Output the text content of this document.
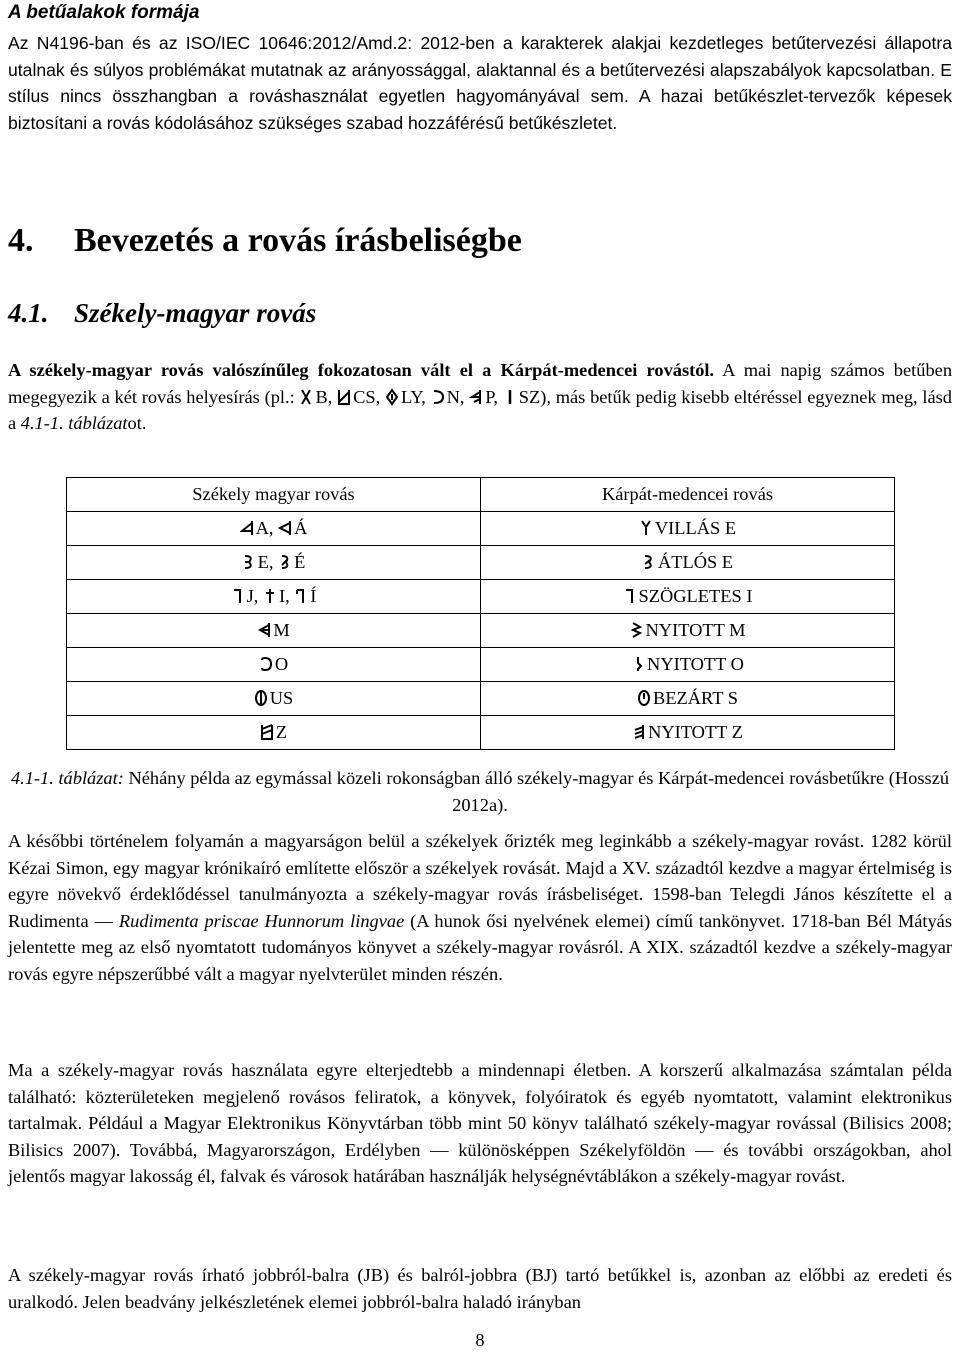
A betűalakok formája
Az N4196-ban és az ISO/IEC 10646:2012/Amd.2: 2012-ben a karakterek alakjai kezdetleges betűtervezési állapotra utalnak és súlyos problémákat mutatnak az arányossággal, alaktannal és a betűtervezési alapszabályok kapcsolatban. E stílus nincs összhangban a rováshasználat egyetlen hagyományával sem. A hazai betűkészlet-tervezők képesek biztosítani a rovás kódolásához szükséges szabad hozzáférésű betűkészletet.
4. Bevezetés a rovás írásbeliségbe
4.1. Székely-magyar rovás
A székely-magyar rovás valószínűleg fokozatosan vált el a Kárpát-medencei rovástól. A mai napig számos betűben megegyezik a két rovás helyesírás (pl.:
B,
CS,
LY,
N,
P,
SZ), más betűk pedig kisebb eltéréssel egyeznek meg, lásd a 4.1-1. táblázatot.
Székely magyar rovás	Kárpát-medencei rovás

A,
Á	VILLÁS E

E,
É	ÁTLÓS E

J,
I,
Í	SZÖGLETES I

M	NYITOTT M

O	NYITOTT O

US	BEZÁRT S

Z	NYITOTT Z
4.1-1. táblázat: Néhány példa az egymással közeli rokonságban álló székely-magyar és Kárpát-medencei rovásbetűkre (Hosszú 2012a).
A későbbi történelem folyamán a magyarságon belül a székelyek őrizték meg leginkább a székely-magyar rovást. 1282 körül Kézai Simon, egy magyar krónikaíró említette először a székelyek rovását. Majd a XV. századtól kezdve a magyar értelmiség is egyre növekvő érdeklődéssel tanulmányozta a székely-magyar rovás írásbeliséget. 1598-ban Telegdi János készítette el a Rudimenta — Rudimenta priscae Hunnorum lingvae (A hunok ősi nyelvének elemei) című tankönyvet. 1718-ban Bél Mátyás jelentette meg az első nyomtatott tudományos könyvet a székely-magyar rovásról. A XIX. századtól kezdve a székely-magyar rovás egyre népszerűbbé vált a magyar nyelvterület minden részén.
Ma a székely-magyar rovás használata egyre elterjedtebb a mindennapi életben. A korszerű alkalmazása számtalan példa található: közterületeken megjelenő rovásos feliratok, a könyvek, folyóiratok és egyéb nyomtatott, valamint elektronikus tartalmak. Például a Magyar Elektronikus Könyvtárban több mint 50 könyv található székely-magyar rovással (Bilisics 2008; Bilisics 2007). Továbbá, Magyarországon, Erdélyben — különösképpen Székelyföldön — és további országokban, ahol jelentős magyar lakosság él, falvak és városok határában használják helységnévtáblákon a székely-magyar rovást.
A székely-magyar rovás írható jobbról-balra (JB) és balról-jobbra (BJ) tartó betűkkel is, azonban az előbbi az eredeti és uralkodó. Jelen beadvány jelkészletének elemei jobbról-balra haladó irányban
8
